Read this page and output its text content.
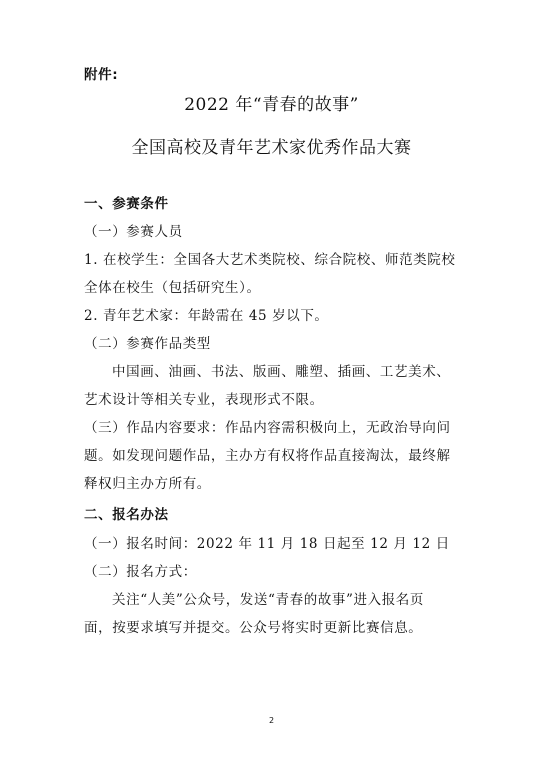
附件:
2022 年“青春的故事”
全国高校及青年艺术家优秀作品大赛
一、参赛条件
（一）参赛人员
1. 在校学生：全国各大艺术类院校、综合院校、师范类院校
全体在校生（包括研究生）。
2. 青年艺术家：年龄需在 45 岁以下。
（二）参赛作品类型
中国画、油画、书法、版画、雕塑、插画、工艺美术、
艺术设计等相关专业，表现形式不限。
（三）作品内容要求：作品内容需积极向上，无政治导向问
题。如发现问题作品，主办方有权将作品直接淘汰，最终解
释权归主办方所有。
二、报名办法
（一）报名时间：2022 年 11 月 18 日起至 12 月 12 日
（二）报名方式：
关注“人美”公众号，发送“青春的故事”进入报名页
面，按要求填写并提交。公众号将实时更新比赛信息。
2
